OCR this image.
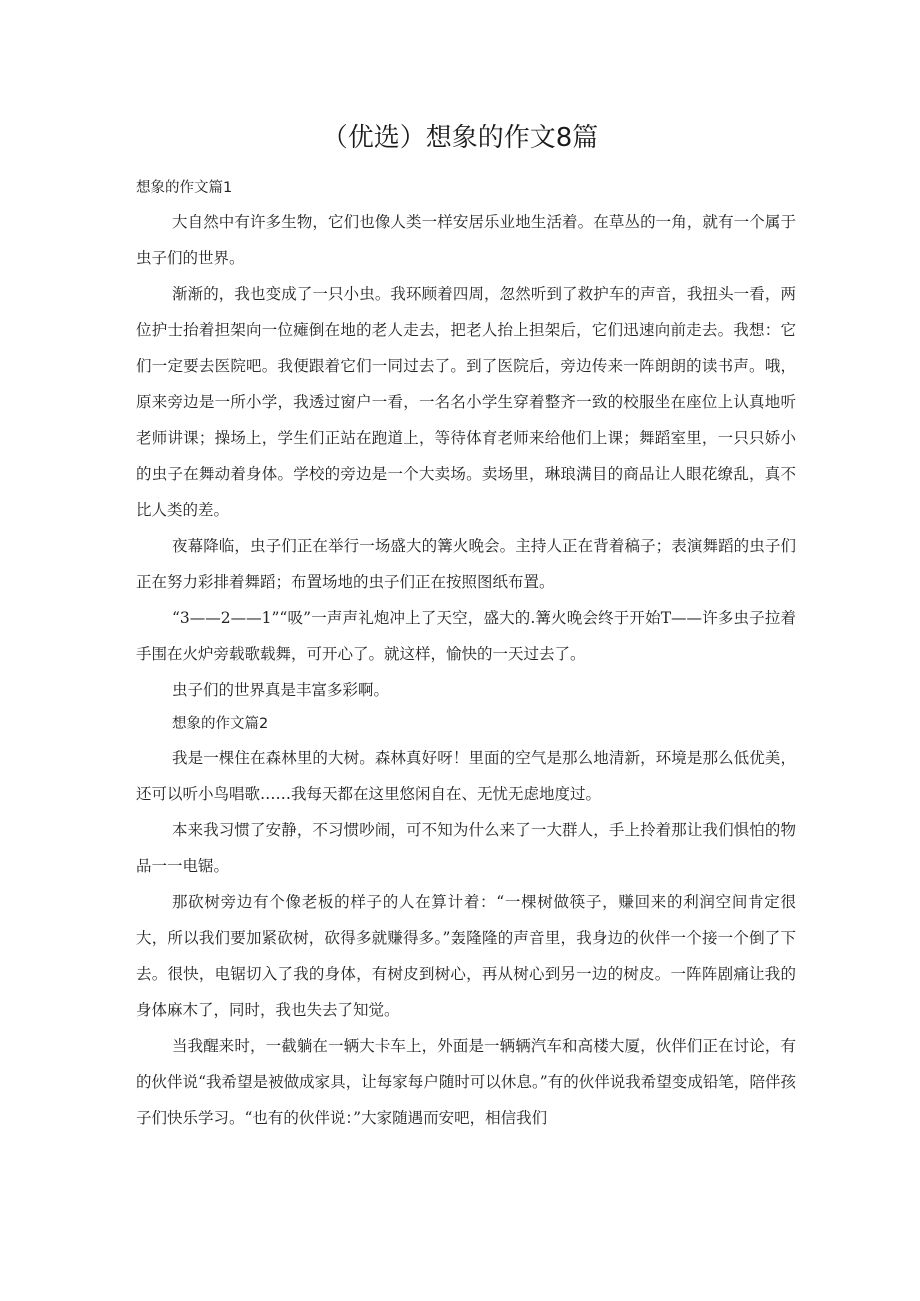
（优选）想象的作文8篇
想象的作文篇1

大自然中有许多生物，它们也像人类一样安居乐业地生活着。在草丛的一角，就有一个属于虫子们的世界。

渐渐的，我也变成了一只小虫。我环顾着四周，忽然听到了救护车的声音，我扭头一看，两位护士抬着担架向一位瘫倒在地的老人走去，把老人抬上担架后，它们迅速向前走去。我想：它们一定要去医院吧。我便跟着它们一同过去了。到了医院后，旁边传来一阵朗朗的读书声。哦，原来旁边是一所小学，我透过窗户一看，一名名小学生穿着整齐一致的校服坐在座位上认真地听老师讲课；操场上，学生们正站在跑道上，等待体育老师来给他们上课；舞蹈室里，一只只娇小的虫子在舞动着身体。学校的旁边是一个大卖场。卖场里，琳琅满目的商品让人眼花缭乱，真不比人类的差。

夜幕降临，虫子们正在举行一场盛大的篝火晚会。主持人正在背着稿子；表演舞蹈的虫子们正在努力彩排着舞蹈；布置场地的虫子们正在按照图纸布置。

“3——2——1”“吸”一声声礼炮冲上了天空，盛大的.篝火晚会终于开始T——许多虫子拉着手围在火炉旁载歌载舞，可开心了。就这样，愉快的一天过去了。

虫子们的世界真是丰富多彩啊。

想象的作文篇2

我是一棵住在森林里的大树。森林真好呀！里面的空气是那么地清新，环境是那么低优美，还可以听小鸟唱歌……我每天都在这里悠闲自在、无忧无虑地度过。

本来我习惯了安静，不习惯吵闹，可不知为什么来了一大群人，手上拎着那让我们惧怕的物品一一电锯。

那砍树旁边有个像老板的样子的人在算计着：“一棵树做筷子，赚回来的利润空间肯定很大，所以我们要加紧砍树，砍得多就赚得多。”轰隆隆的声音里，我身边的伙伴一个接一个倒了下去。很快，电锯切入了我的身体，有树皮到树心，再从树心到另一边的树皮。一阵阵剧痛让我的身体麻木了，同时，我也失去了知觉。

当我醒来时，一截躺在一辆大卡车上，外面是一辆辆汽车和高楼大厦，伙伴们正在讨论，有的伙伴说“我希望是被做成家具，让每家每户随时可以休息。”有的伙伴说我希望变成铅笔，陪伴孩子们快乐学习。“也有的伙伴说：”大家随遇而安吧，相信我们
